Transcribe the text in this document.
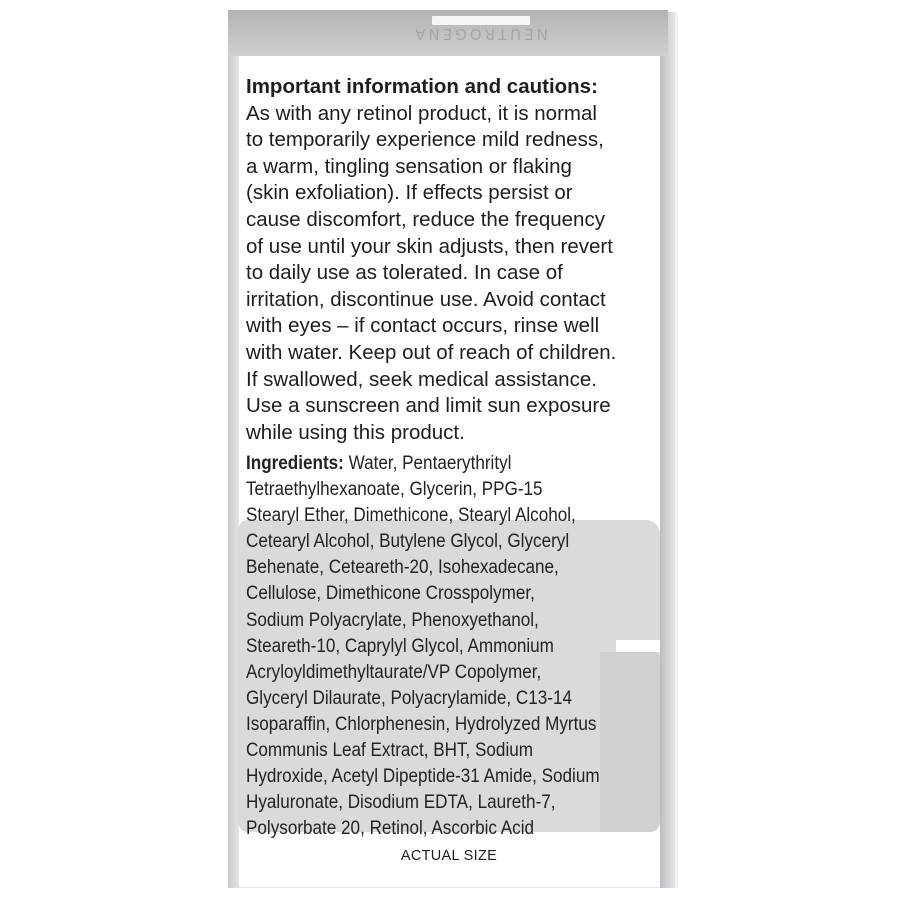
NEUTROGENA
Important information and cautions:
As with any retinol product, it is normal
to temporarily experience mild redness,
a warm, tingling sensation or flaking
(skin exfoliation). If effects persist or
cause discomfort, reduce the frequency
of use until your skin adjusts, then revert
to daily use as tolerated. In case of
irritation, discontinue use. Avoid contact
with eyes – if contact occurs, rinse well
with water. Keep out of reach of children.
If swallowed, seek medical assistance.
Use a sunscreen and limit sun exposure
while using this product.
Ingredients: Water, Pentaerythrityl
Tetraethylhexanoate, Glycerin, PPG-15
Stearyl Ether, Dimethicone, Stearyl Alcohol,
Cetearyl Alcohol, Butylene Glycol, Glyceryl
Behenate, Ceteareth-20, Isohexadecane,
Cellulose, Dimethicone Crosspolymer,
Sodium Polyacrylate, Phenoxyethanol,
Steareth-10, Caprylyl Glycol, Ammonium
Acryloyldimethyltaurate/VP Copolymer,
Glyceryl Dilaurate, Polyacrylamide, C13-14
Isoparaffin, Chlorphenesin, Hydrolyzed Myrtus
Communis Leaf Extract, BHT, Sodium
Hydroxide, Acetyl Dipeptide-31 Amide, Sodium
Hyaluronate, Disodium EDTA, Laureth-7,
Polysorbate 20, Retinol, Ascorbic Acid
ACTUAL SIZE
